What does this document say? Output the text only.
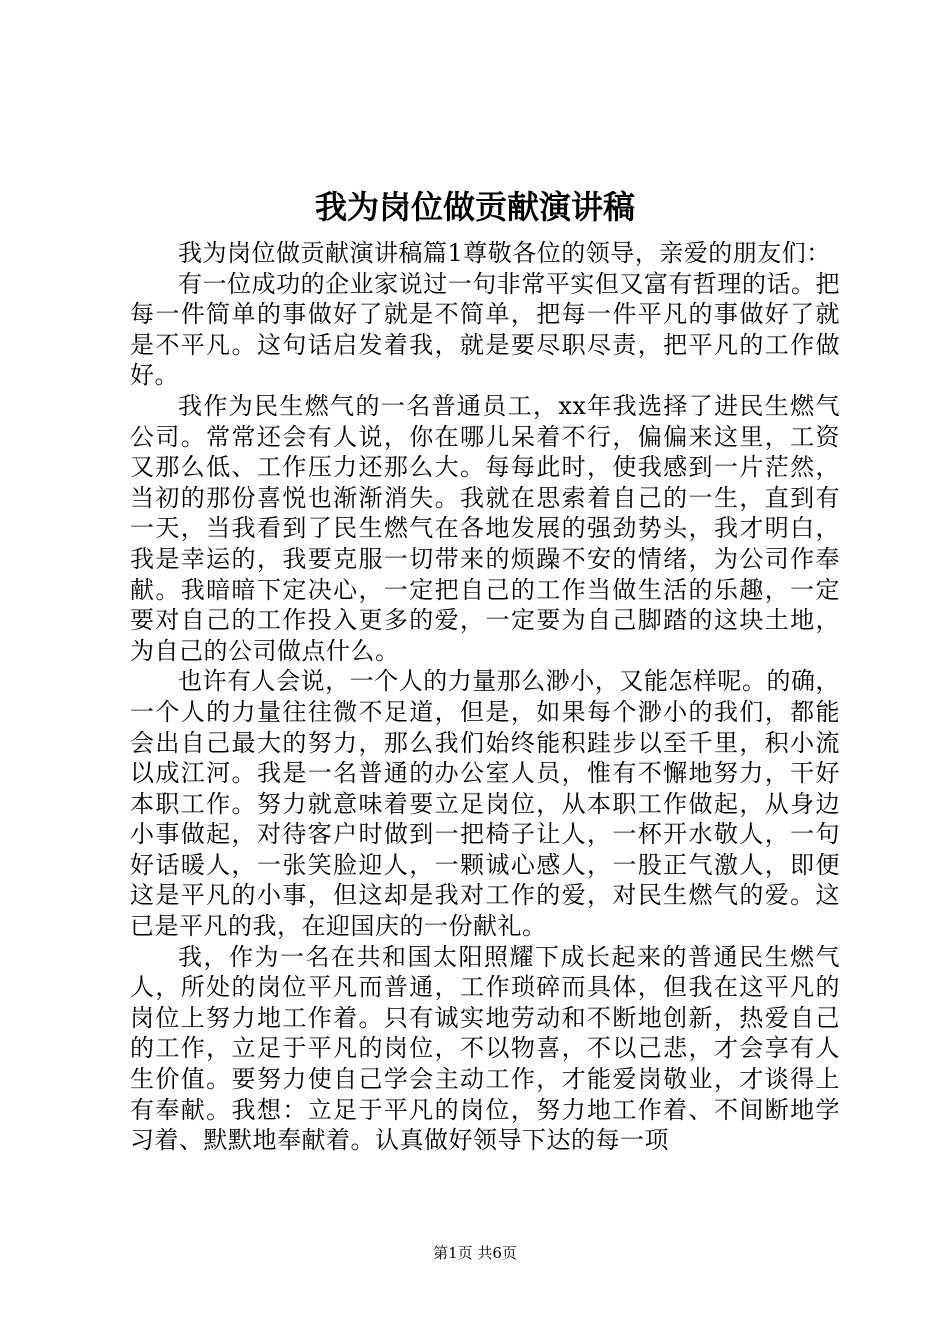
我为岗位做贡献演讲稿

我为岗位做贡献演讲稿篇1尊敬各位的领导，亲爱的朋友们：

有一位成功的企业家说过一句非常平实但又富有哲理的话。把每一件简单的事做好了就是不简单，把每一件平凡的事做好了就是不平凡。这句话启发着我，就是要尽职尽责，把平凡的工作做好。

我作为民生燃气的一名普通员工，xx年我选择了进民生燃气公司。常常还会有人说，你在哪儿呆着不行，偏偏来这里，工资又那么低、工作压力还那么大。每每此时，使我感到一片茫然，当初的那份喜悦也渐渐消失。我就在思索着自己的一生，直到有一天，当我看到了民生燃气在各地发展的强劲势头，我才明白，我是幸运的，我要克服一切带来的烦躁不安的情绪，为公司作奉献。我暗暗下定决心，一定把自己的工作当做生活的乐趣，一定要对自己的工作投入更多的爱，一定要为自己脚踏的这块土地，为自己的公司做点什么。

也许有人会说，一个人的力量那么渺小，又能怎样呢。的确，一个人的力量往往微不足道，但是，如果每个渺小的我们，都能会出自己最大的努力，那么我们始终能积跬步以至千里，积小流以成江河。我是一名普通的办公室人员，惟有不懈地努力，干好本职工作。努力就意味着要立足岗位，从本职工作做起，从身边小事做起，对待客户时做到一把椅子让人，一杯开水敬人，一句好话暖人，一张笑脸迎人，一颗诚心感人，一股正气激人，即便这是平凡的小事，但这却是我对工作的爱，对民生燃气的爱。这已是平凡的我，在迎国庆的一份献礼。

我，作为一名在共和国太阳照耀下成长起来的普通民生燃气人，所处的岗位平凡而普通，工作琐碎而具体，但我在这平凡的岗位上努力地工作着。只有诚实地劳动和不断地创新，热爱自己的工作，立足于平凡的岗位，不以物喜，不以己悲，才会享有人生价值。要努力使自己学会主动工作，才能爱岗敬业，才谈得上有奉献。我想：立足于平凡的岗位，努力地工作着、不间断地学习着、默默地奉献着。认真做好领导下达的每一项

第1页 共6页
